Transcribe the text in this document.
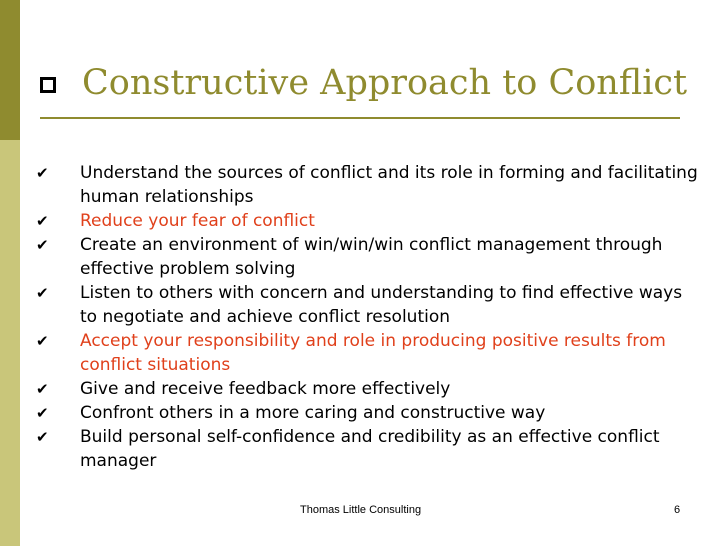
Constructive Approach to Conflict
✔ Understand the sources of conflict and its role in forming and facilitating human relationships
✔ Reduce your fear of conflict
✔ Create an environment of win/win/win conflict management through effective problem solving
✔ Listen to others with concern and understanding to find effective ways to negotiate and achieve conflict resolution
✔ Accept your responsibility and role in producing positive results from conflict situations
✔ Give and receive feedback more effectively
✔ Confront others in a more caring and constructive way
✔ Build personal self-confidence and credibility as an effective conflict manager
Thomas Little Consulting	6
